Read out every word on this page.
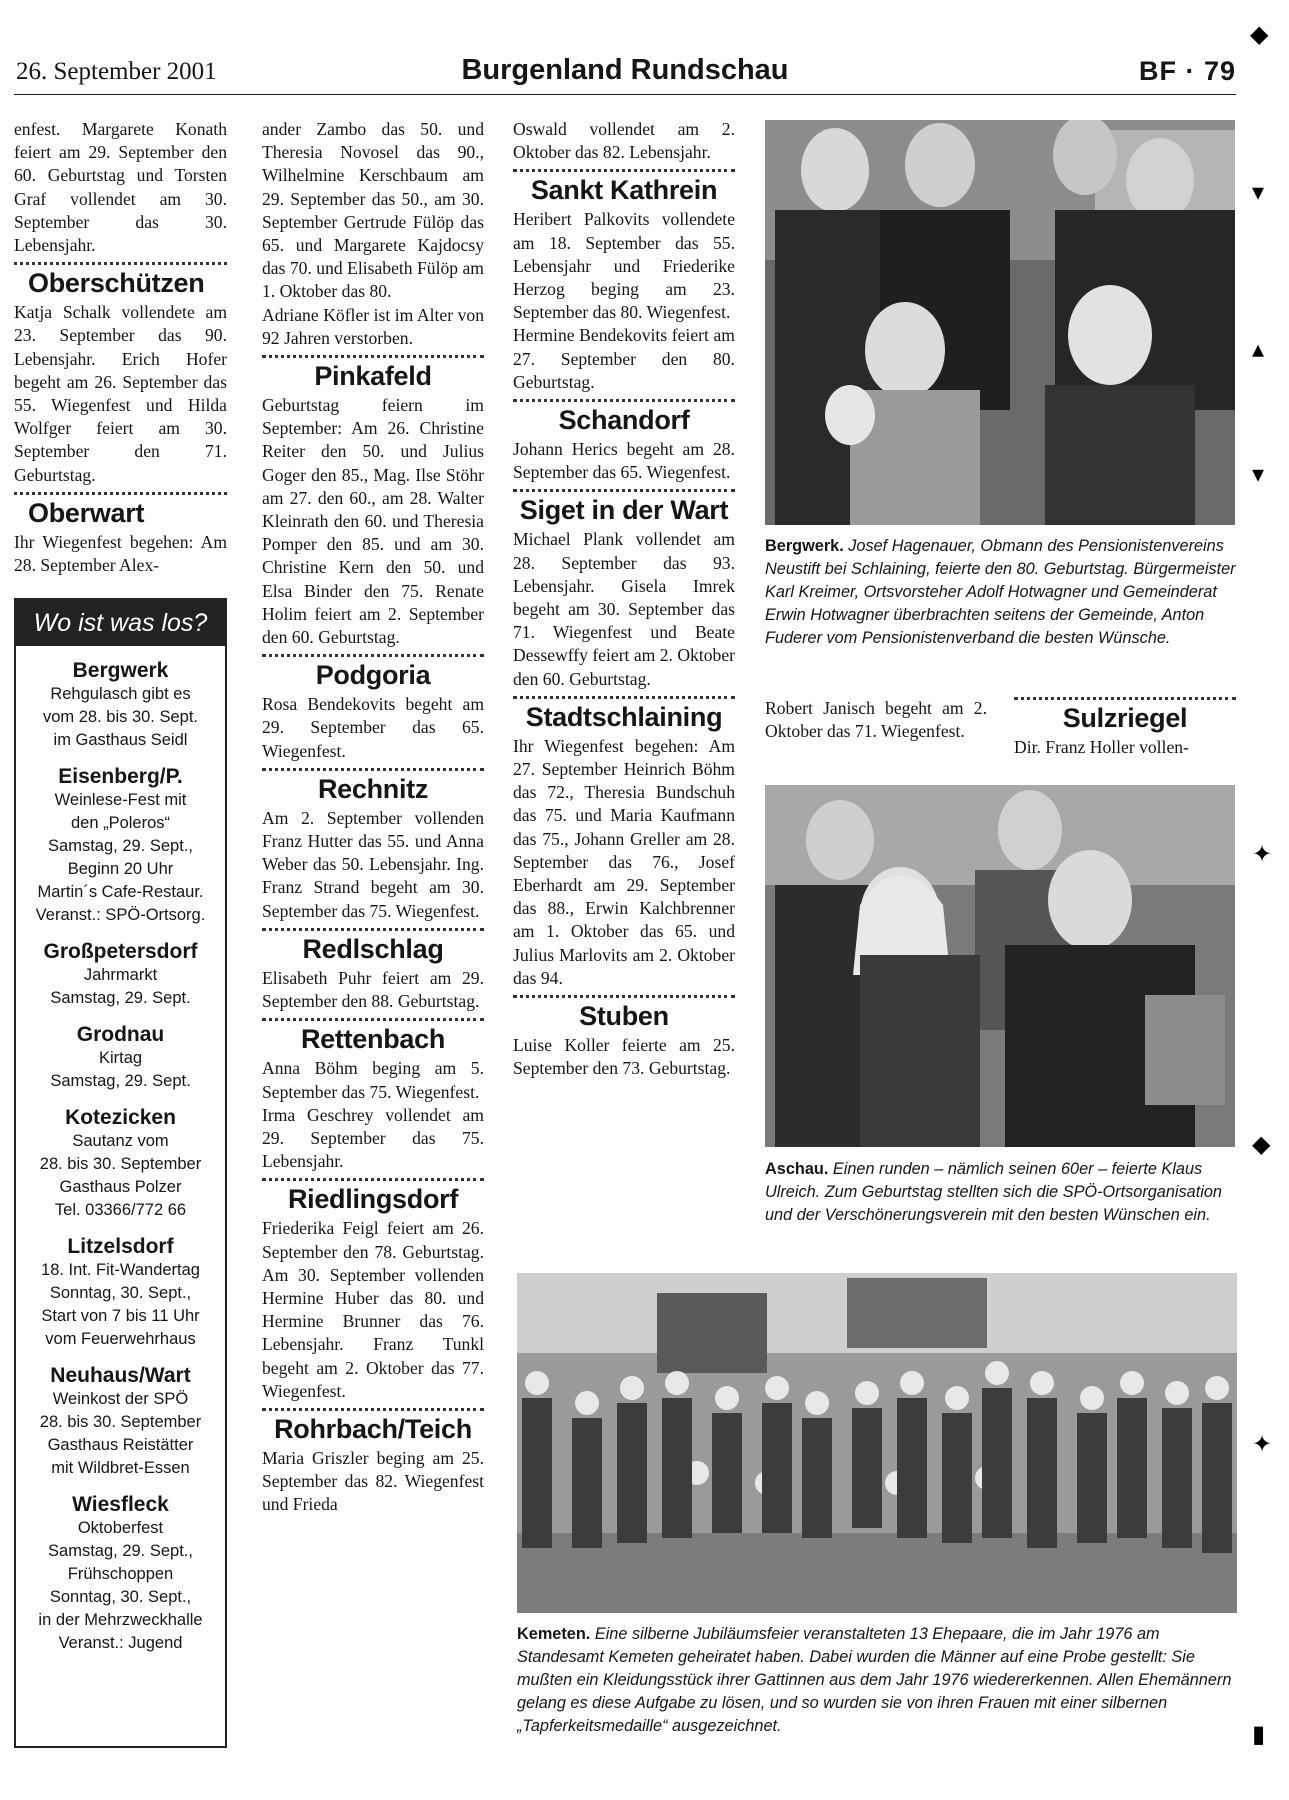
26. September 2001	Burgenland Rundschau	BF · 79

enfest. Margarete Konath feiert am 29. September den 60. Geburtstag und Torsten Graf vollendet am 30. September das 30. Lebensjahr.

Oberschützen

Katja Schalk vollendete am 23. September das 90. Lebensjahr. Erich Hofer begeht am 26. September das 55. Wiegenfest und Hilda Wolfger feiert am 30. September den 71. Geburtstag.

Oberwart

Ihr Wiegenfest begehen: Am 28. September Alex-

Wo ist was los?
Bergwerk
Rehgulasch gibt es
vom 28. bis 30. Sept.
im Gasthaus Seidl
Eisenberg/P.
Weinlese-Fest mit
den „Poleros“
Samstag, 29. Sept.,
Beginn 20 Uhr
Martin´s Cafe-Restaur.
Veranst.: SPÖ-Ortsorg.
Großpetersdorf
Jahrmarkt
Samstag, 29. Sept.
Grodnau
Kirtag
Samstag, 29. Sept.
Kotezicken
Sautanz vom
28. bis 30. September
Gasthaus Polzer
Tel. 03366/772 66
Litzelsdorf
18. Int. Fit-Wandertag
Sonntag, 30. Sept.,
Start von 7 bis 11 Uhr
vom Feuerwehrhaus
Neuhaus/Wart
Weinkost der SPÖ
28. bis 30. September
Gasthaus Reistätter
mit Wildbret-Essen
Wiesfleck
Oktoberfest
Samstag, 29. Sept.,
Frühschoppen
Sonntag, 30. Sept.,
in der Mehrzweckhalle
Veranst.: Jugend

ander Zambo das 50. und Theresia Novosel das 90., Wilhelmine Kerschbaum am 29. September das 50., am 30. September Gertrude Fülöp das 65. und Margarete Kajdocsy das 70. und Elisabeth Fülöp am 1. Oktober das 80.

Adriane Köfler ist im Alter von 92 Jahren verstorben.

Pinkafeld

Geburtstag feiern im September: Am 26. Christine Reiter den 50. und Julius Goger den 85., Mag. Ilse Stöhr am 27. den 60., am 28. Walter Kleinrath den 60. und Theresia Pomper den 85. und am 30. Christine Kern den 50. und Elsa Binder den 75. Renate Holim feiert am 2. September den 60. Geburtstag.

Podgoria

Rosa Bendekovits begeht am 29. September das 65. Wiegenfest.

Rechnitz

Am 2. September vollenden Franz Hutter das 55. und Anna Weber das 50. Lebensjahr. Ing. Franz Strand begeht am 30. September das 75. Wiegenfest.

Redlschlag

Elisabeth Puhr feiert am 29. September den 88. Geburtstag.

Rettenbach

Anna Böhm beging am 5. September das 75. Wiegenfest.

Irma Geschrey vollendet am 29. September das 75. Lebensjahr.

Riedlingsdorf

Friederika Feigl feiert am 26. September den 78. Geburtstag. Am 30. September vollenden Hermine Huber das 80. und Hermine Brunner das 76. Lebensjahr. Franz Tunkl begeht am 2. Oktober das 77. Wiegenfest.

Rohrbach/Teich

Maria Griszler beging am 25. September das 82. Wiegenfest und Frieda

Oswald vollendet am 2. Oktober das 82. Lebensjahr.

Sankt Kathrein

Heribert Palkovits vollendete am 18. September das 55. Lebensjahr und Friederike Herzog beging am 23. September das 80. Wiegenfest.

Hermine Bendekovits feiert am 27. September den 80. Geburtstag.

Schandorf

Johann Herics begeht am 28. September das 65. Wiegenfest.

Siget in der Wart

Michael Plank vollendet am 28. September das 93. Lebensjahr. Gisela Imrek begeht am 30. September das 71. Wiegenfest und Beate Dessewffy feiert am 2. Oktober den 60. Geburtstag.

Stadtschlaining

Ihr Wiegenfest begehen: Am 27. September Heinrich Böhm das 72., Theresia Bundschuh das 75. und Maria Kaufmann das 75., Johann Greller am 28. September das 76., Josef Eberhardt am 29. September das 88., Erwin Kalchbrenner am 1. Oktober das 65. und Julius Marlovits am 2. Oktober das 94.

Stuben

Luise Koller feierte am 25. September den 73. Geburtstag.

Bergwerk. Josef Hagenauer, Obmann des Pensionistenvereins Neustift bei Schlaining, feierte den 80. Geburtstag. Bürgermeister Karl Kreimer, Ortsvorsteher Adolf Hotwagner und Gemeinderat Erwin Hotwagner überbrachten seitens der Gemeinde, Anton Fuderer vom Pensionistenverband die besten Wünsche.

Robert Janisch begeht am 2. Oktober das 71. Wiegenfest.	Sulzriegel

Dir. Franz Holler vollen-

Aschau. Einen runden – nämlich seinen 60er – feierte Klaus Ulreich. Zum Geburtstag stellten sich die SPÖ-Ortsorganisation und der Verschönerungsverein mit den besten Wünschen ein.
Kemeten. Eine silberne Jubiläumsfeier veranstalteten 13 Ehepaare, die im Jahr 1976 am Standesamt Kemeten geheiratet haben. Dabei wurden die Männer auf eine Probe gestellt: Sie mußten ein Kleidungsstück ihrer Gattinnen aus dem Jahr 1976 wiedererkennen. Allen Ehemännern gelang es diese Aufgabe zu lösen, und so wurden sie von ihren Frauen mit einer silbernen „Tapferkeitsmedaille“ ausgezeichnet.
◆
▾
▴
▾
✦
◆
✦
▮
